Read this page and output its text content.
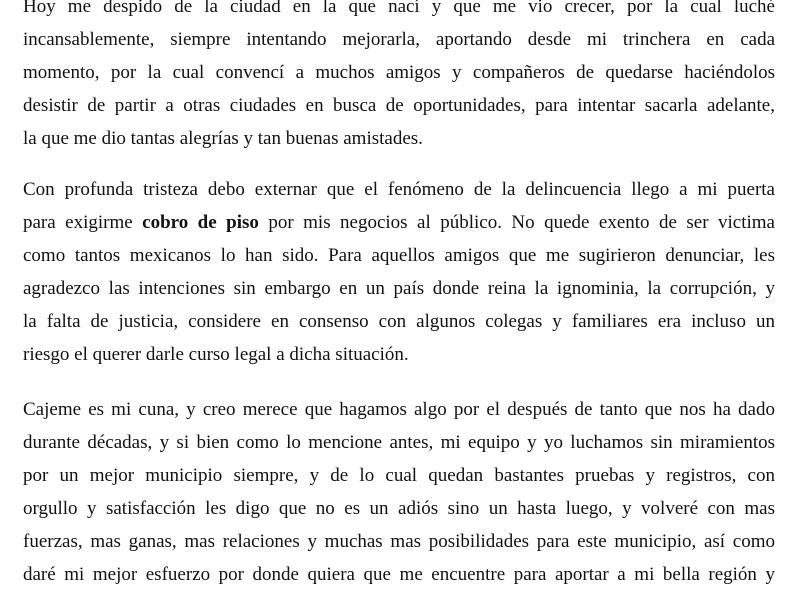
Hoy me despido de la ciudad en la que nací y que me vio crecer, por la cual luché
incansablemente, siempre intentando mejorarla, aportando desde mi trinchera en cada
momento, por la cual convencí a muchos amigos y compañeros de quedarse haciéndolos
desistir de partir a otras ciudades en busca de oportunidades, para intentar sacarla adelante,
la que me dio tantas alegrías y tan buenas amistades.

Con profunda tristeza debo externar que el fenómeno de la delincuencia llego a mi puerta
para exigirme cobro de piso por mis negocios al público. No quede exento de ser victima
como tantos mexicanos lo han sido. Para aquellos amigos que me sugirieron denunciar, les
agradezco las intenciones sin embargo en un país donde reina la ignominia, la corrupción, y
la falta de justicia, considere en consenso con algunos colegas y familiares era incluso un
riesgo el querer darle curso legal a dicha situación.

Cajeme es mi cuna, y creo merece que hagamos algo por el después de tanto que nos ha dado
durante décadas, y si bien como lo mencione antes, mi equipo y yo luchamos sin miramientos
por un mejor municipio siempre, y de lo cual quedan bastantes pruebas y registros, con
orgullo y satisfacción les digo que no es un adiós sino un hasta luego, y volveré con mas
fuerzas, mas ganas, mas relaciones y muchas mas posibilidades para este municipio, así como
daré mi mejor esfuerzo por donde quiera que me encuentre para aportar a mi bella región y
